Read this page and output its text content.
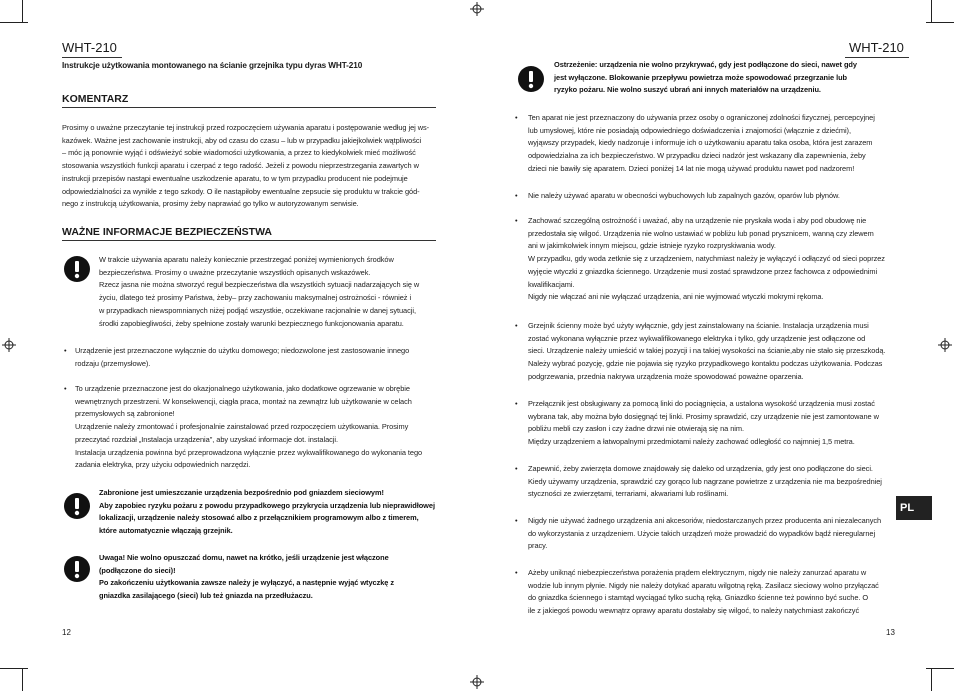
WHT-210
Instrukcje użytkowania montowanego na ścianie grzejnika typu dyras WHT-210
KOMENTARZ
Prosimy o uważne przeczytanie tej instrukcji przed rozpoczęciem używania aparatu i postępowanie według jej ws-
kazówek. Ważne jest zachowanie instrukcji, aby od czasu do czasu – lub w przypadku jakiejkolwiek wątpliwości
– móc ją ponownie wyjąć i odświeżyć sobie wiadomości użytkowania, a przez to kiedykolwiek mieć możliwość
stosowania wszystkich funkcji aparatu i czerpać z tego radość. Jeżeli z powodu nieprzestrzegania zawartych w
instrukcji przepisów nastąpi ewentualne uszkodzenie aparatu, to w tym przypadku producent nie podejmuje
odpowiedzialności za wynikłe z tego szkody. O ile nastąpiłoby ewentualne zepsucie się produktu w trakcie gód-
nego z instrukcją użytkowania, prosimy żeby naprawiać go tylko w autoryzowanym serwisie.
WAŻNE INFORMACJE BEZPIECZEŃSTWA
W trakcie używania aparatu należy koniecznie przestrzegać poniżej wymienionych środków
bezpieczeństwa. Prosimy o uważne przeczytanie wszystkich opisanych wskazówek.
Rzecz jasna nie można stworzyć reguł bezpieczeństwa dla wszystkich sytuacji nadarzających się w
życiu, dlatego też prosimy Państwa, żeby– przy zachowaniu maksymalnej ostrożności - również i
w przypadkach niewspomnianych niżej podjąć wszystkie, oczekiwane racjonalnie w danej sytuacji,
środki zapobiegliwości, żeby spełnione zostały warunki bezpiecznego funkcjonowania aparatu.
• Urządzenie jest przeznaczone wyłącznie do użytku domowego; niedozwolone jest zastosowanie innego
rodzaju (przemysłowe).
• To urządzenie przeznaczone jest do okazjonalnego użytkowania, jako dodatkowe ogrzewanie w obrębie
wewnętrznych przestrzeni. W konsekwencji, ciągła praca, montaż na zewnątrz lub użytkowanie w celach
przemysłowych są zabronione!
Urządzenie należy zmontować i profesjonalnie zainstalować przed rozpoczęciem użytkowania. Prosimy
przeczytać rozdział „Instalacja urządzenia", aby uzyskać informacje dot. instalacji.
Instalacja urządzenia powinna być przeprowadzona wyłącznie przez wykwalifikowanego do wykonania tego
zadania elektryka, przy użyciu odpowiednich narzędzi.
Zabronione jest umieszczanie urządzenia bezpośrednio pod gniazdem sieciowym!
Aby zapobiec ryzyku pożaru z powodu przypadkowego przykrycia urządzenia lub nieprawidłowej
lokalizacji, urządzenie należy stosować albo z przełącznikiem programowym albo z timerem,
które automatycznie włączają grzejnik.
Uwaga! Nie wolno opuszczać domu, nawet na krótko, jeśli urządzenie jest włączone
(podłączone do sieci)!
Po zakończeniu użytkowania zawsze należy je wyłączyć, a następnie wyjąć wtyczkę z
gniazdka zasilającego (sieci) lub też gniazda na przedłużaczu.
12
WHT-210
Ostrzeżenie: urządzenia nie wolno przykrywać, gdy jest podłączone do sieci, nawet gdy
jest wyłączone. Blokowanie przepływu powietrza może spowodować przegrzanie lub
ryzyko pożaru. Nie wolno suszyć ubrań ani innych materiałów na urządzeniu.
• Ten aparat nie jest przeznaczony do używania przez osoby o ograniczonej zdolności fizycznej, percepcyjnej
lub umysłowej, które nie posiadają odpowiedniego doświadczenia i znajomości (włącznie z dziećmi),
wyjąwszy przypadek, kiedy nadzoruje i informuje ich o użytkowaniu aparatu taka osoba, która jest zarazem
odpowiedzialna za ich bezpieczeństwo. W przypadku dzieci nadzór jest wskazany dla zapewnienia, żeby
dzieci nie bawiły się aparatem. Dzieci poniżej 14 lat nie mogą używać produktu nawet pod nadzorem!
• Nie należy używać aparatu w obecności wybuchowych lub zapalnych gazów, oparów lub płynów.
• Zachować szczególną ostrożność i uważać, aby na urządzenie nie pryskała woda i aby pod obudowę nie
przedostała się wilgoć. Urządzenia nie wolno ustawiać w pobliżu lub ponad prysznicem, wanną czy zlewem
ani w jakimkolwiek innym miejscu, gdzie istnieje ryzyko rozpryskiwania wody.
W przypadku, gdy woda zetknie się z urządzeniem, natychmiast należy je wyłączyć i odłączyć od sieci poprzez
wyjęcie wtyczki z gniazdka ściennego. Urządzenie musi zostać sprawdzone przez fachowca z odpowiednimi
kwalifikacjami.
Nigdy nie włączać ani nie wyłączać urządzenia, ani nie wyjmować wtyczki mokrymi rękoma.
• Grzejnik ścienny może być użyty wyłącznie, gdy jest zainstalowany na ścianie. Instalacja urządzenia musi
zostać wykonana wyłącznie przez wykwalifikowanego elektryka i tylko, gdy urządzenie jest odłączone od
sieci. Urządzenie należy umieścić w takiej pozycji i na takiej wysokości na ścianie,aby nie stało się przeszkodą.
Należy wybrać pozycję, gdzie nie pojawia się ryzyko przypadkowego kontaktu podczas użytkowania. Podczas
podgrzewania, przednia nakrywa urządzenia może spowodować poważne oparzenia.
• Przełącznik jest obsługiwany za pomocą linki do pociągnięcia, a ustalona wysokość urządzenia musi zostać
wybrana tak, aby można było dosięgnąć tej linki. Prosimy sprawdzić, czy urządzenie nie jest zamontowane w
pobliżu mebli czy zasłon i czy żadne drzwi nie otwierają się na nim.
Między urządzeniem a łatwopalnymi przedmiotami należy zachować odległość co najmniej 1,5 metra.
• Zapewnić, żeby zwierzęta domowe znajdowały się daleko od urządzenia, gdy jest ono podłączone do sieci.
Kiedy używamy urządzenia, sprawdzić czy gorąco lub nagrzane powietrze z urządzenia nie ma bezpośredniej
styczności ze zwierzętami, terrariami, akwariami lub roślinami.
• Nigdy nie używać żadnego urządzenia ani akcesoriów, niedostarczanych przez producenta ani niezalecanych
do wykorzystania z urządzeniem. Użycie takich urządzeń może prowadzić do wypadków bądź nieregularnej
pracy.
• Ażeby uniknąć niebezpieczeństwa porażenia prądem elektrycznym, nigdy nie należy zanurzać aparatu w
wodzie lub innym płynie. Nigdy nie należy dotykać aparatu wilgotną ręką. Zasilacz sieciowy wolno przyłączać
do gniazdka ściennego i stamtąd wyciągać tylko suchą ręką. Gniazdko ścienne też powinno być suche. O
ile z jakiegoś powodu wewnątrz oprawy aparatu dostałaby się wilgoć, to należy natychmiast zakończyć
13
PL
